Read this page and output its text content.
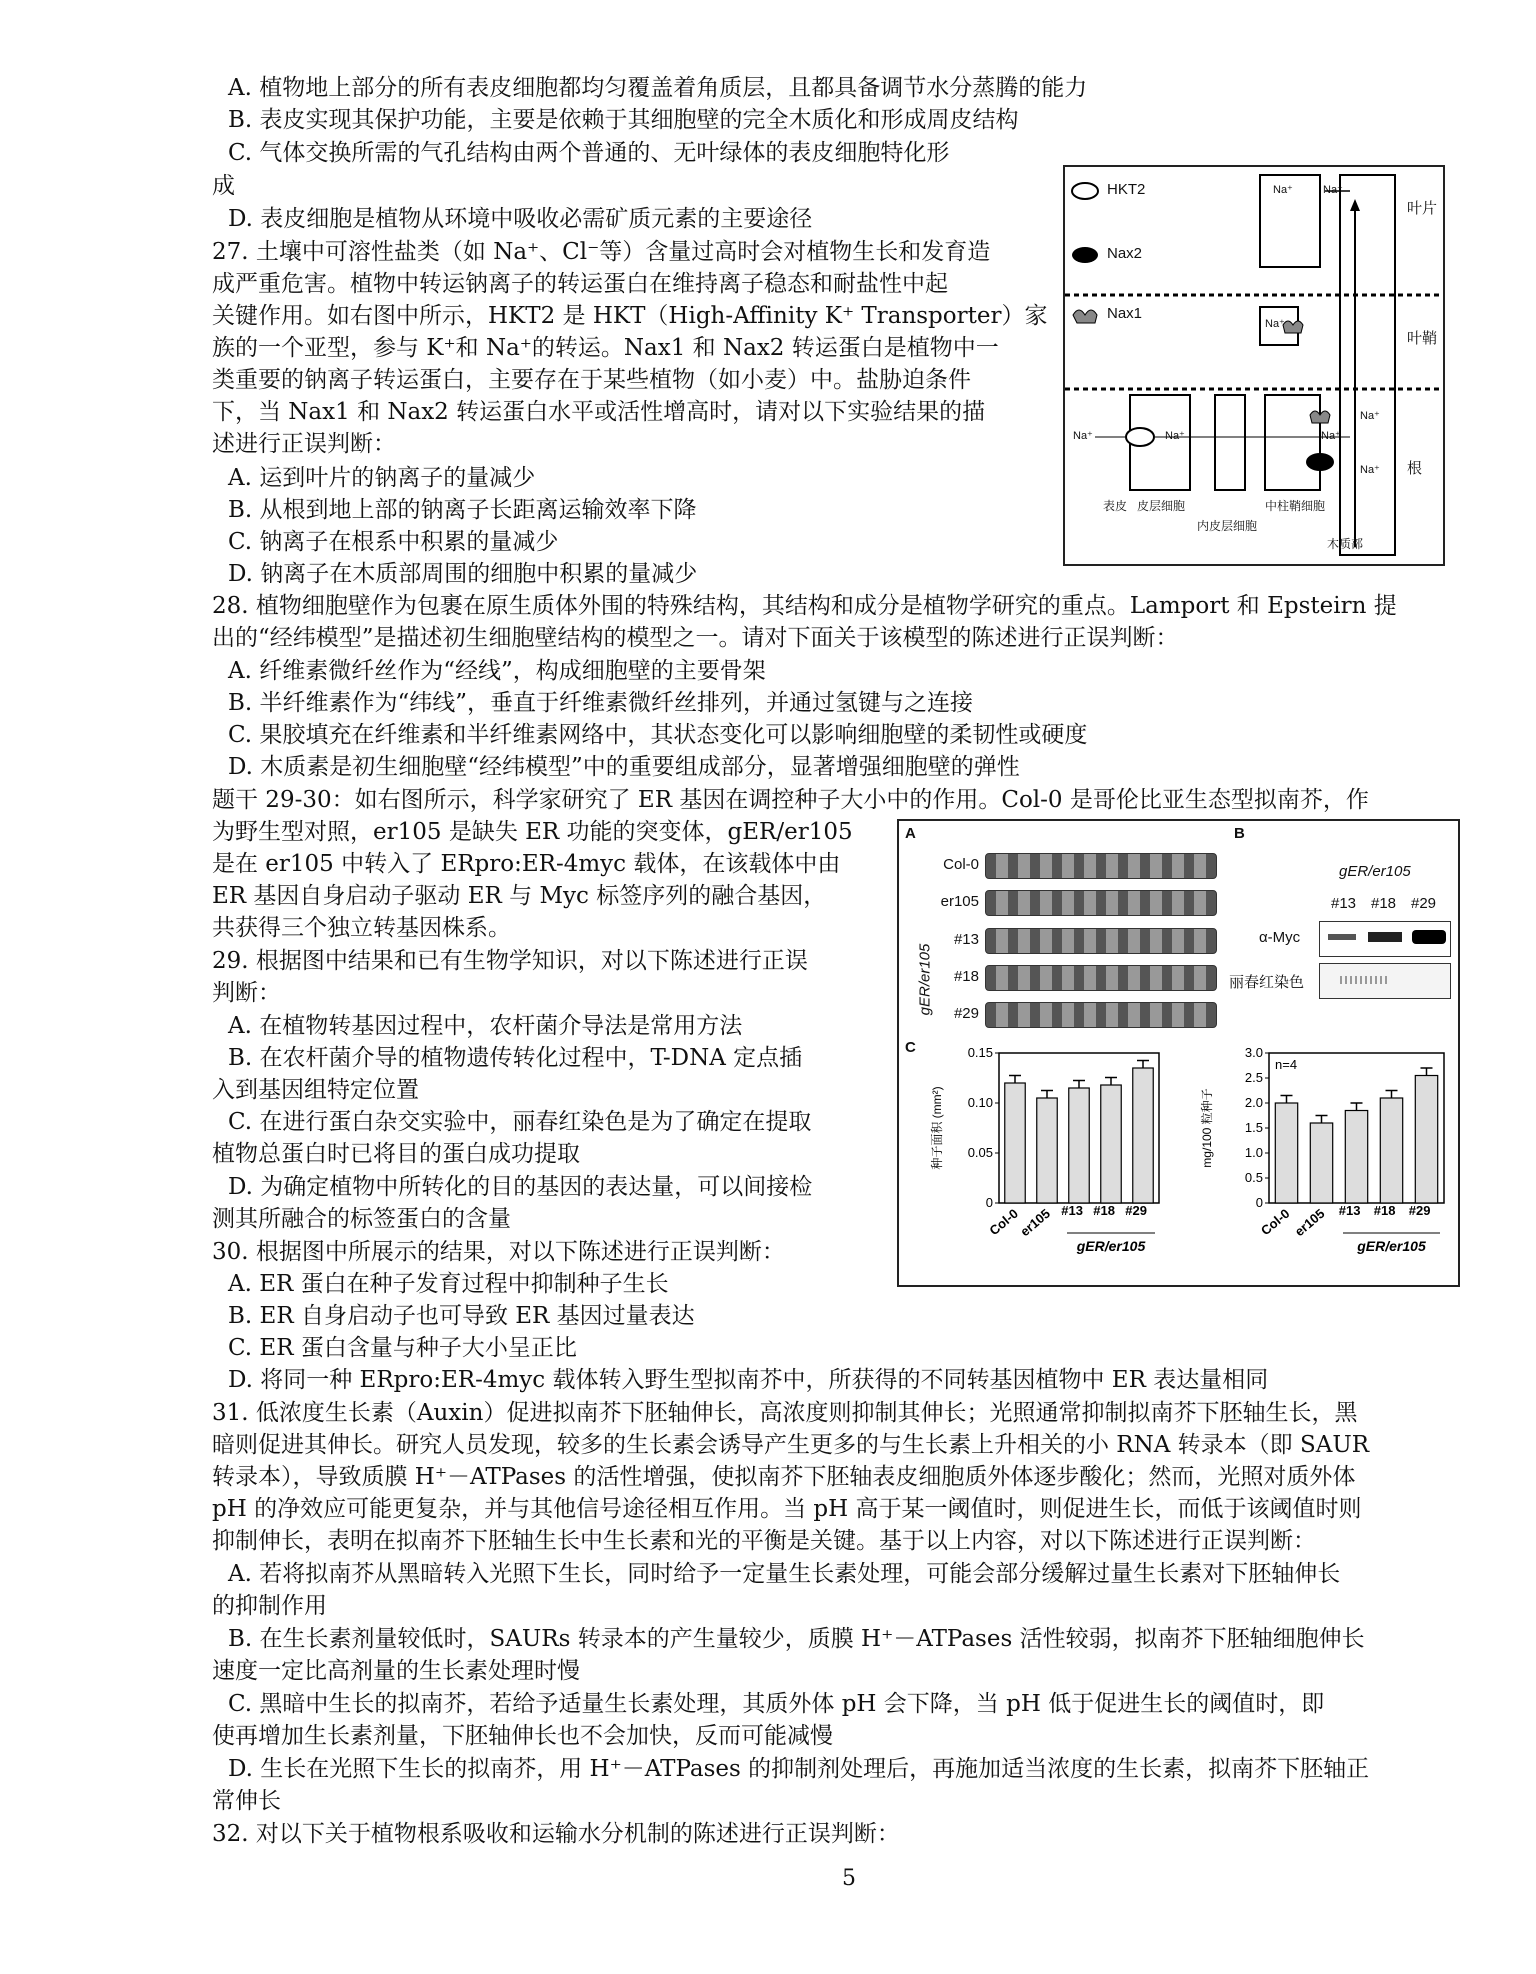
A. 植物地上部分的所有表皮细胞都均匀覆盖着角质层，且都具备调节水分蒸腾的能力
B. 表皮实现其保护功能，主要是依赖于其细胞壁的完全木质化和形成周皮结构
C. 气体交换所需的气孔结构由两个普通的、无叶绿体的表皮细胞特化形
成
D. 表皮细胞是植物从环境中吸收必需矿质元素的主要途径
27. 土壤中可溶性盐类（如 Na⁺、Cl⁻等）含量过高时会对植物生长和发育造
成严重危害。植物中转运钠离子的转运蛋白在维持离子稳态和耐盐性中起
关键作用。如右图中所示，HKT2 是 HKT（High-Affinity K⁺ Transporter）家
族的一个亚型，参与 K⁺和 Na⁺的转运。Nax1 和 Nax2 转运蛋白是植物中一
类重要的钠离子转运蛋白，主要存在于某些植物（如小麦）中。盐胁迫条件
下，当 Nax1 和 Nax2 转运蛋白水平或活性增高时，请对以下实验结果的描
述进行正误判断：
A. 运到叶片的钠离子的量减少
B. 从根到地上部的钠离子长距离运输效率下降
C. 钠离子在根系中积累的量减少
D. 钠离子在木质部周围的细胞中积累的量减少
28. 植物细胞壁作为包裹在原生质体外围的特殊结构，其结构和成分是植物学研究的重点。Lamport 和 Epsteirn 提
出的“经纬模型”是描述初生细胞壁结构的模型之一。请对下面关于该模型的陈述进行正误判断：
A. 纤维素微纤丝作为“经线”，构成细胞壁的主要骨架
B. 半纤维素作为“纬线”，垂直于纤维素微纤丝排列，并通过氢键与之连接
C. 果胶填充在纤维素和半纤维素网络中，其状态变化可以影响细胞壁的柔韧性或硬度
D. 木质素是初生细胞壁“经纬模型”中的重要组成部分，显著增强细胞壁的弹性
题干 29-30：如右图所示，科学家研究了 ER 基因在调控种子大小中的作用。Col-0 是哥伦比亚生态型拟南芥，作
为野生型对照，er105 是缺失 ER 功能的突变体，gER/er105
是在 er105 中转入了 ERpro:ER-4myc 载体，在该载体中由
ER 基因自身启动子驱动 ER 与 Myc 标签序列的融合基因，
共获得三个独立转基因株系。
29. 根据图中结果和已有生物学知识，对以下陈述进行正误
判断：
A. 在植物转基因过程中，农杆菌介导法是常用方法
B. 在农杆菌介导的植物遗传转化过程中，T-DNA 定点插
入到基因组特定位置
C. 在进行蛋白杂交实验中，丽春红染色是为了确定在提取
植物总蛋白时已将目的蛋白成功提取
D. 为确定植物中所转化的目的基因的表达量，可以间接检
测其所融合的标签蛋白的含量
30. 根据图中所展示的结果，对以下陈述进行正误判断：
A. ER 蛋白在种子发育过程中抑制种子生长
B. ER 自身启动子也可导致 ER 基因过量表达
C. ER 蛋白含量与种子大小呈正比
D. 将同一种 ERpro:ER-4myc 载体转入野生型拟南芥中，所获得的不同转基因植物中 ER 表达量相同
31. 低浓度生长素（Auxin）促进拟南芥下胚轴伸长，高浓度则抑制其伸长；光照通常抑制拟南芥下胚轴生长，黑
暗则促进其伸长。研究人员发现，较多的生长素会诱导产生更多的与生长素上升相关的小 RNA 转录本（即 SAUR
转录本），导致质膜 H⁺－ATPases 的活性增强，使拟南芥下胚轴表皮细胞质外体逐步酸化；然而，光照对质外体
pH 的净效应可能更复杂，并与其他信号途径相互作用。当 pH 高于某一阈值时，则促进生长，而低于该阈值时则
抑制伸长，表明在拟南芥下胚轴生长中生长素和光的平衡是关键。基于以上内容，对以下陈述进行正误判断：
A. 若将拟南芥从黑暗转入光照下生长，同时给予一定量生长素处理，可能会部分缓解过量生长素对下胚轴伸长
的抑制作用
B. 在生长素剂量较低时，SAURs 转录本的产生量较少，质膜 H⁺－ATPases 活性较弱，拟南芥下胚轴细胞伸长
速度一定比高剂量的生长素处理时慢
C. 黑暗中生长的拟南芥，若给予适量生长素处理，其质外体 pH 会下降，当 pH 低于促进生长的阈值时，即
使再增加生长素剂量，下胚轴伸长也不会加快，反而可能减慢
D. 生长在光照下生长的拟南芥，用 H⁺－ATPases 的抑制剂处理后，再施加适当浓度的生长素，拟南芥下胚轴正
常伸长
32. 对以下关于植物根系吸收和运输水分机制的陈述进行正误判断：
HKT2
Nax2
Nax1
叶片
叶鞘
根
Na⁺	Na⁺
Na⁺
Na⁺	Na⁺	Na⁺
Na⁺
Na⁺
表皮 皮层细胞
内皮层细胞
中柱鞘细胞
木质部
A	B
C
Col-0
er105
#13
#18
#29
gER/er105
gER/er105
#13 #18 #29
α-Myc
丽春红染色
种子面积 (mm²)
0.15
0.10
0.05
0
Col-0
er105 #13 #18 #29
gER/er105
mg/100 粒种子
3.0
2.5
2.0
1.5
1.0
0.5
0
Col-0 er105 #13 #18 #29
gER/er105
n=4
5
